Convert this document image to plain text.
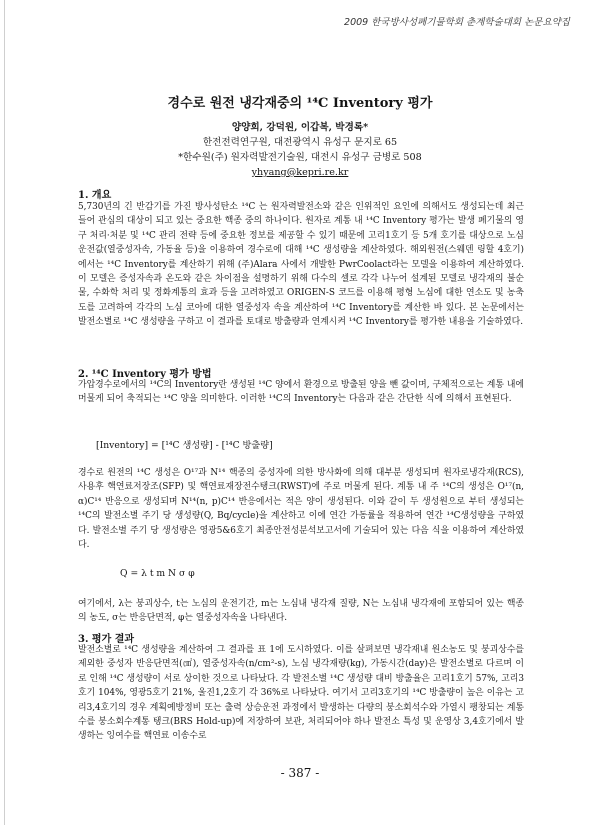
2009 한국방사성폐기물학회 춘계학술대회 논문요약집
경수로 원전 냉각재중의 ¹⁴C Inventory 평가
양양희, 강덕원, 이갑복, 박경록*
한전전력연구원, 대전광역시 유성구 문지로 65
*한수원(주) 원자력발전기술원, 대전시 유성구 금병로 508
yhyang@kepri.re.kr
1. 개요
5,730년의 긴 반감기를 가진 방사성탄소 ¹⁴C 는 원자력발전소와 같은 인위적인 요인에 의해서도 생성되는데 최근 들어 관심의 대상이 되고 있는 중요한 핵종 중의 하나이다. 원자로 계통 내 ¹⁴C Inventory 평가는 발생 폐기물의 영구 처리·처분 및 ¹⁴C 관리 전략 등에 중요한 정보를 제공할 수 있기 때문에 고리1호기 등 5개 호기를 대상으로 노심 운전값(열중성자속, 가동율 등)을 이용하여 경수로에 대해 ¹⁴C 생성량을 계산하였다. 해외원전(스웨덴 링할 4호기)에서는 ¹⁴C Inventory를 계산하기 위해 (주)Alara 사에서 개발한 PwrCoolact라는 모델을 이용하여 계산하였다. 이 모델은 증성자속과 온도와 같은 차이점을 설명하기 위해 다수의 셀로 각각 나누어 설계된 모델로 냉각재의 불순물, 수화학 처리 및 정화계통의 효과 등을 고려하였고 ORIGEN-S 코드를 이용해 평형 노심에 대한 연소도 및 농축도를 고려하여 각각의 노심 코아에 대한 열중성자 속을 계산하여 ¹⁴C Inventory를 계산한 바 있다. 본 논문에서는 발전소별로 ¹⁴C 생성량을 구하고 이 결과를 토대로 방출량과 연계시켜 ¹⁴C Inventory를 평가한 내용을 기술하였다.
2. ¹⁴C Inventory 평가 방법
가압경수로에서의 ¹⁴C의 Inventory란 생성된 ¹⁴C 양에서 환경으로 방출된 양을 뺀 값이며, 구체적으로는 계통 내에 머물게 되어 축적되는 ¹⁴C 양을 의미한다. 이러한 ¹⁴C의 Inventory는 다음과 같은 간단한 식에 의해서 표현된다.
[Inventory] = [¹⁴C 생성량] - [¹⁴C 방출량]
경수로 원전의 ¹⁴C 생성은 O¹⁷과 N¹⁴ 핵종의 중성자에 의한 방사화에 의해 대부분 생성되며 원자로냉각재(RCS), 사용후 핵연료저장조(SFP) 및 핵연료재장전수탱크(RWST)에 주로 머물게 된다. 계통 내 주 ¹⁴C의 생성은 O¹⁷(n, α)C¹⁴ 반응으로 생성되며 N¹⁴(n, p)C¹⁴ 반응에서는 적은 양이 생성된다. 이와 같이 두 생성원으로 부터 생성되는 ¹⁴C의 발전소별 주기 당 생성량(Q, Bq/cycle)을 계산하고 이에 연간 가동률을 적용하여 연간 ¹⁴C생성량을 구하였다. 발전소별 주기 당 생성량은 영광5&6호기 최종안전성분석보고서에 기술되어 있는 다음 식을 이용하여 계산하였다.
Q = λ t m N σ φ
여기에서, λ는 붕괴상수, t는 노심의 운전기간, m는 노심내 냉각재 질량, N는 노심내 냉각재에 포함되어 있는 핵종의 농도, σ는 반응단면적, φ는 열중성자속을 나타낸다.
3. 평가 결과
발전소별로 ¹⁴C 생성량을 계산하여 그 결과를 표 1에 도시하였다. 이를 살펴보면 냉각재내 원소농도 및 붕괴상수를 제외한 중성자 반응단면적(㎠), 열중성자속(n/cm²-s), 노심 냉각재량(kg), 가동시간(day)은 발전소별로 다르며 이로 인해 ¹⁴C 생성량이 서로 상이한 것으로 나타났다. 각 발전소별 ¹⁴C 생성량 대비 방출율은 고리1호기 57%, 고리3호기 104%, 영광5호기 21%, 울진1,2호기 각 36%로 나타났다. 여기서 고리3호기의 ¹⁴C 방출량이 높은 이유는 고리3,4호기의 경우 계획예방정비 또는 출력 상승운전 과정에서 발생하는 다량의 붕소회석수와 가열시 팽창되는 계통수를 붕소회수계통 탱크(BRS Hold-up)에 저장하여 보관, 처리되어야 하나 발전소 특성 및 운영상 3,4호기에서 발생하는 잉여수를 핵연료 이송수로
- 387 -
